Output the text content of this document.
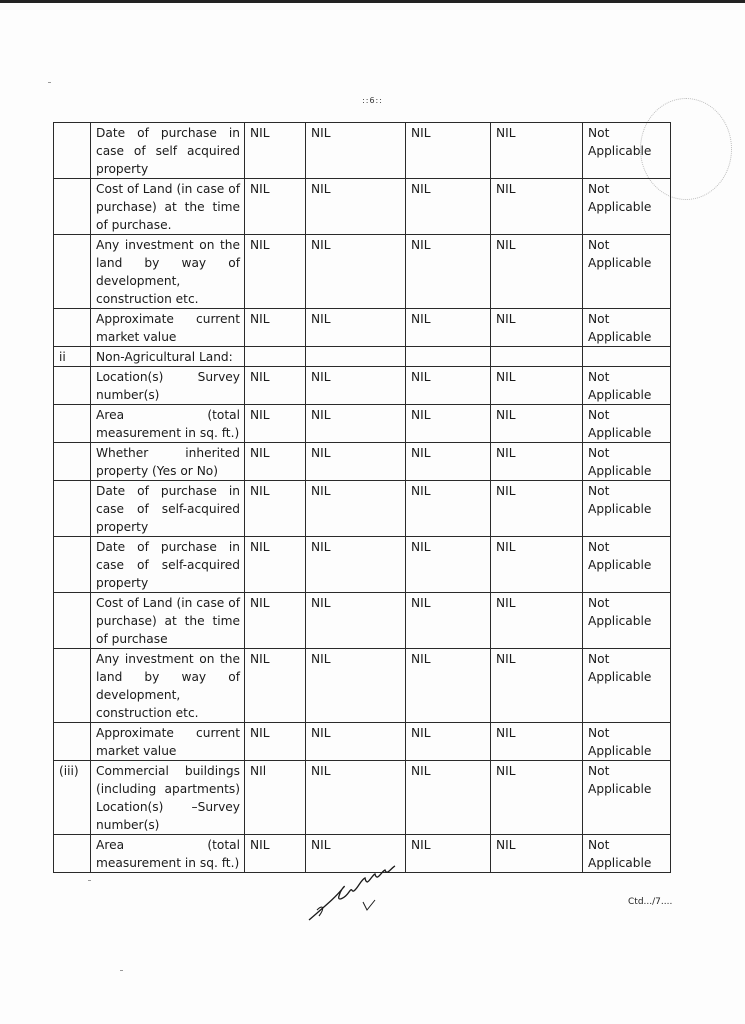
::6::
	Date of purchase in case of self acquired property	NIL	NIL	NIL	NIL	Not Applicable
	Cost of Land (in case of purchase) at the time of purchase.	NIL	NIL	NIL	NIL	Not Applicable
	Any investment on the land by way of development, construction etc.	NIL	NIL	NIL	NIL	Not Applicable
	Approximate current market value	NIL	NIL	NIL	NIL	Not Applicable
ii	Non-Agricultural Land:					
	Location(s) Survey number(s)	NIL	NIL	NIL	NIL	Not Applicable
	Area (total measurement in sq. ft.)	NIL	NIL	NIL	NIL	Not Applicable
	Whether inherited property (Yes or No)	NIL	NIL	NIL	NIL	Not Applicable
	Date of purchase in case of self-acquired property	NIL	NIL	NIL	NIL	Not Applicable
	Date of purchase in case of self-acquired property	NIL	NIL	NIL	NIL	Not Applicable
	Cost of Land (in case of purchase) at the time of purchase	NIL	NIL	NIL	NIL	Not Applicable
	Any investment on the land by way of development, construction etc.	NIL	NIL	NIL	NIL	Not Applicable
	Approximate current market value	NIL	NIL	NIL	NIL	Not Applicable
(iii)	Commercial buildings (including apartments) Location(s) –Survey number(s)	NIl	NIL	NIL	NIL	Not Applicable
	Area (total measurement in sq. ft.)	NIL	NIL	NIL	NIL	Not Applicable
Ctd.../7....
